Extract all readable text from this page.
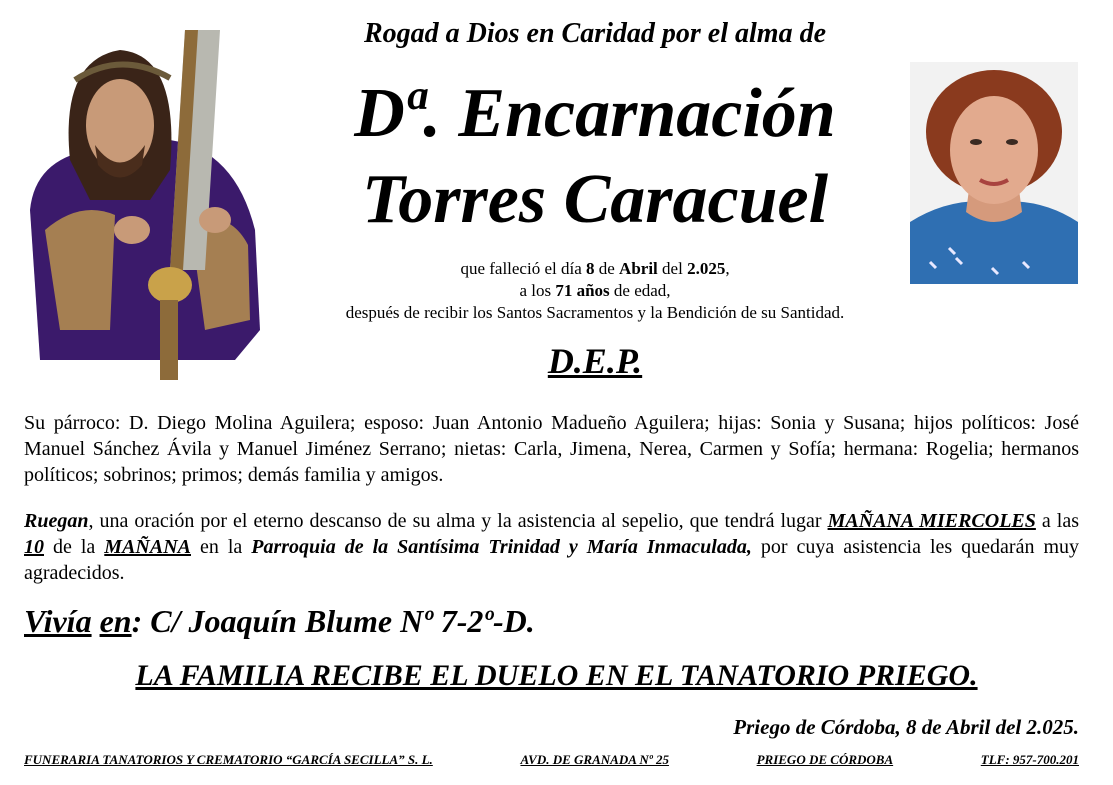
Rogad a Dios en Caridad por el alma de
Dª. Encarnación
Torres Caracuel
que falleció el día 8 de Abril del 2.025,
a los 71 años de edad,
después de recibir los Santos Sacramentos y la Bendición de su Santidad.
D.E.P.
Su párroco: D. Diego Molina Aguilera; esposo: Juan Antonio Madueño Aguilera; hijas: Sonia y Susana; hijos políticos: José Manuel Sánchez Ávila y Manuel Jiménez Serrano; nietas: Carla, Jimena, Nerea, Carmen y Sofía; hermana: Rogelia; hermanos políticos; sobrinos; primos; demás familia y amigos.
Ruegan, una oración por el eterno descanso de su alma y la asistencia al sepelio, que tendrá lugar MAÑANA MIERCOLES a las 10 de la MAÑANA en la Parroquia de la Santísima Trinidad y María Inmaculada, por cuya asistencia les quedarán muy agradecidos.
Vivía en: C/ Joaquín Blume Nº 7-2º-D.
LA FAMILIA RECIBE EL DUELO EN EL TANATORIO PRIEGO.
Priego de Córdoba, 8 de Abril del 2.025.
FUNERARIA TANATORIOS Y CREMATORIO “GARCÍA SECILLA” S. L.	AVD. DE GRANADA Nº 25	PRIEGO DE CÓRDOBA	TLF: 957-700.201
